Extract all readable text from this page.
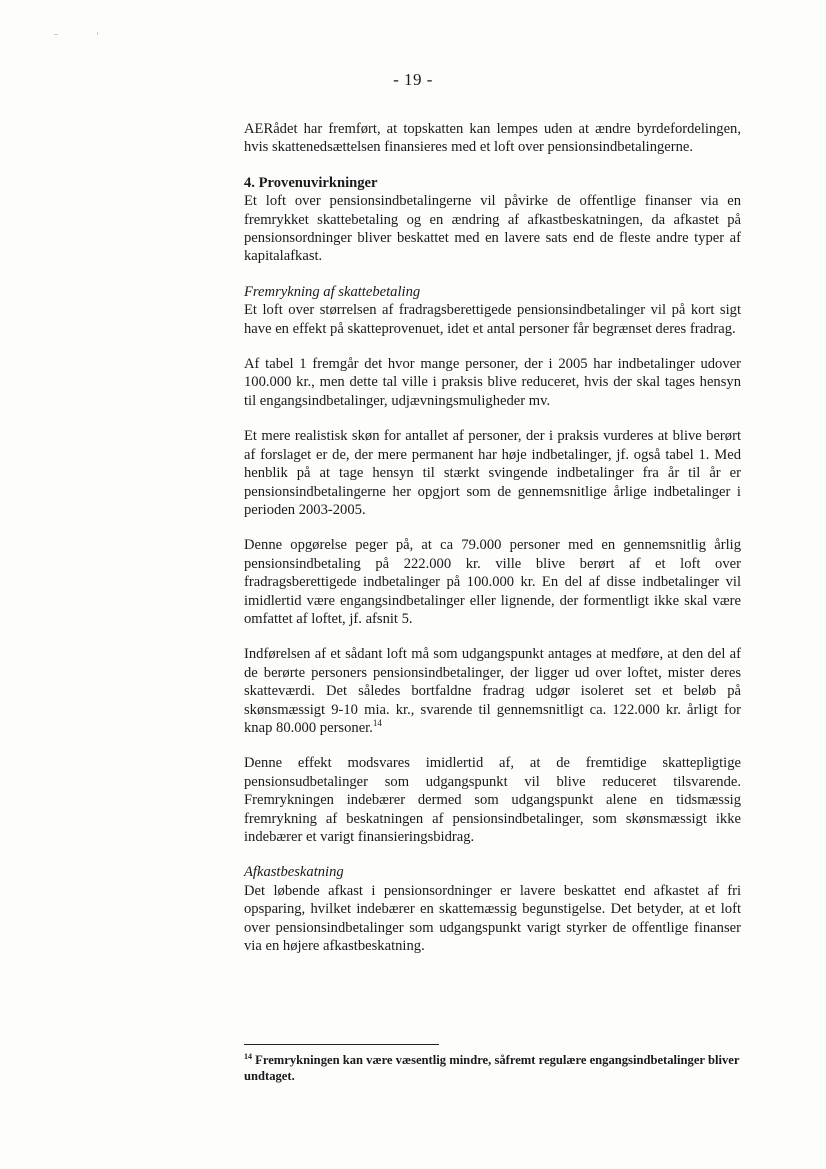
- 19 -

AERådet har fremført, at topskatten kan lempes uden at ændre byrdefordelingen, hvis skattenedsættelsen finansieres med et loft over pensionsindbetalingerne.

4. Provenuvirkninger

Et loft over pensionsindbetalingerne vil påvirke de offentlige finanser via en fremrykket skattebetaling og en ændring af afkastbeskatningen, da afkastet på pensionsordninger bliver beskattet med en lavere sats end de fleste andre typer af kapitalafkast.

Fremrykning af skattebetaling

Et loft over størrelsen af fradragsberettigede pensionsindbetalinger vil på kort sigt have en effekt på skatteprovenuet, idet et antal personer får begrænset deres fradrag.

Af tabel 1 fremgår det hvor mange personer, der i 2005 har indbetalinger udover 100.000 kr., men dette tal ville i praksis blive reduceret, hvis der skal tages hensyn til engangsindbetalinger, udjævningsmuligheder mv.

Et mere realistisk skøn for antallet af personer, der i praksis vurderes at blive berørt af forslaget er de, der mere permanent har høje indbetalinger, jf. også tabel 1. Med henblik på at tage hensyn til stærkt svingende indbetalinger fra år til år er pensionsindbetalingerne her opgjort som de gennemsnitlige årlige indbetalinger i perioden 2003-2005.

Denne opgørelse peger på, at ca 79.000 personer med en gennemsnitlig årlig pensionsindbetaling på 222.000 kr. ville blive berørt af et loft over fradragsberettigede indbetalinger på 100.000 kr. En del af disse indbetalinger vil imidlertid være engangsindbetalinger eller lignende, der formentligt ikke skal være omfattet af loftet, jf. afsnit 5.

Indførelsen af et sådant loft må som udgangspunkt antages at medføre, at den del af de berørte personers pensionsindbetalinger, der ligger ud over loftet, mister deres skatteværdi. Det således bortfaldne fradrag udgør isoleret set et beløb på skønsmæssigt 9-10 mia. kr., svarende til gennemsnitligt ca. 122.000 kr. årligt for knap 80.000 personer.$^{14}$

Denne effekt modsvares imidlertid af, at de fremtidige skattepligtige pensionsudbetalinger som udgangspunkt vil blive reduceret tilsvarende. Fremrykningen indebærer dermed som udgangspunkt alene en tidsmæssig fremrykning af beskatningen af pensionsindbetalinger, som skønsmæssigt ikke indebærer et varigt finansieringsbidrag.

Afkastbeskatning

Det løbende afkast i pensionsordninger er lavere beskattet end afkastet af fri opsparing, hvilket indebærer en skattemæssig begunstigelse. Det betyder, at et loft over pensionsindbetalinger som udgangspunkt varigt styrker de offentlige finanser via en højere afkastbeskatning.

$^{14}$ Fremrykningen kan være væsentlig mindre, såfremt regulære engangsindbetalinger bliver undtaget.
